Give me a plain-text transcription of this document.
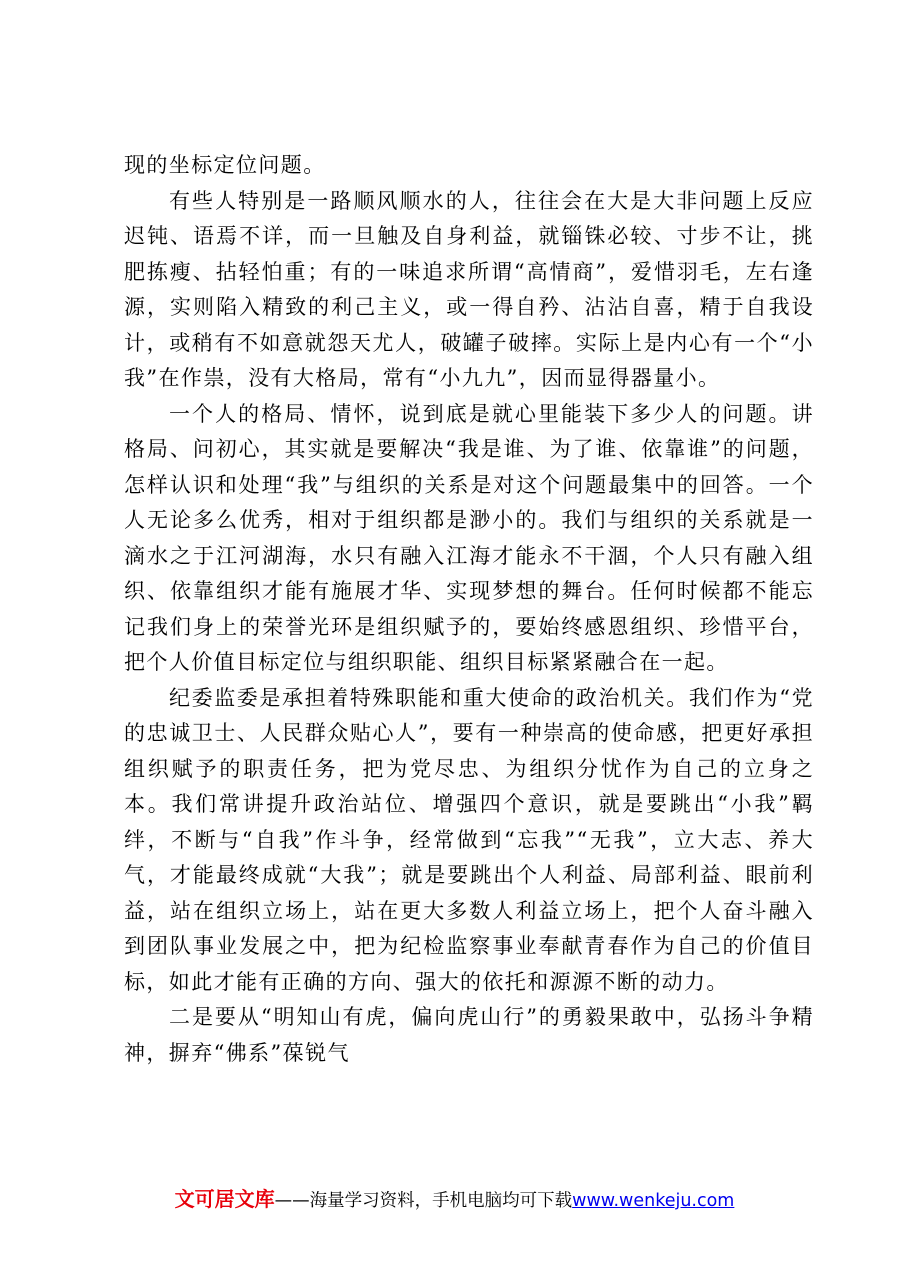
现的坐标定位问题。

有些人特别是一路顺风顺水的人，往往会在大是大非问题上反应迟钝、语焉不详，而一旦触及自身利益，就锱铢必较、寸步不让，挑肥拣瘦、拈轻怕重；有的一味追求所谓“高情商”，爱惜羽毛，左右逢源，实则陷入精致的利己主义，或一得自矜、沾沾自喜，精于自我设计，或稍有不如意就怨天尤人，破罐子破摔。实际上是内心有一个“小我”在作祟，没有大格局，常有“小九九”，因而显得器量小。

一个人的格局、情怀，说到底是就心里能装下多少人的问题。讲格局、问初心，其实就是要解决“我是谁、为了谁、依靠谁”的问题，怎样认识和处理“我”与组织的关系是对这个问题最集中的回答。一个人无论多么优秀，相对于组织都是渺小的。我们与组织的关系就是一滴水之于江河湖海，水只有融入江海才能永不干涸，个人只有融入组织、依靠组织才能有施展才华、实现梦想的舞台。任何时候都不能忘记我们身上的荣誉光环是组织赋予的，要始终感恩组织、珍惜平台，把个人价值目标定位与组织职能、组织目标紧紧融合在一起。

纪委监委是承担着特殊职能和重大使命的政治机关。我们作为“党的忠诚卫士、人民群众贴心人”，要有一种崇高的使命感，把更好承担组织赋予的职责任务，把为党尽忠、为组织分忧作为自己的立身之本。我们常讲提升政治站位、增强四个意识，就是要跳出“小我”羁绊，不断与“自我”作斗争，经常做到“忘我”“无我”，立大志、养大气，才能最终成就“大我”；就是要跳出个人利益、局部利益、眼前利益，站在组织立场上，站在更大多数人利益立场上，把个人奋斗融入到团队事业发展之中，把为纪检监察事业奉献青春作为自己的价值目标，如此才能有正确的方向、强大的依托和源源不断的动力。

二是要从“明知山有虎，偏向虎山行”的勇毅果敢中，弘扬斗争精神，摒弃“佛系”葆锐气

文可居文库——海量学习资料，手机电脑均可下载www.wenkeju.com
